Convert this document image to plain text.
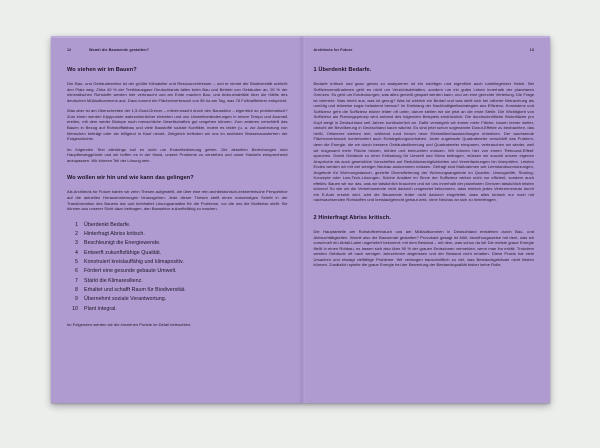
12	Womit die Bauwende gestalten?
Wo stehen wir im Bauen?

Der Bau- und Gebäudesektor ist der größte Klimakiller und Ressourcenfresser – und er nimmt der Biodiversität schlicht den Platz weg. Zirka 40 % der Treibhausgase Deutschlands fallen beim Bau und Betrieb von Gebäuden an, 90 % der mineralischen Rohstoffe werden hier verbraucht und am Ende machen Bau- und Abbruchabfälle über die Hälfte des deutschen Müllaufkommens aus. Dazu kommt ein Flächenverbrauch von 55 ha am Tag, was 78 Fußballfeldern entspricht.

Was aber ist am Überschreiten der 1,5-Grad-Grenze – mitverursacht durch den Bausektor – eigentlich so problematisch? Zum einen werden Kipppunkte wahrscheinlicher eintreten und uns Umweltveränderungen in einem Tempo und Ausmaß ereilen, mit dem weder Biotope noch menschliche Gesellschaften gut umgehen können. Zum anderen verschärft das Bauen in Bezug auf Rohstofffabbau und viele Baustoffe soziale Konflikte, indem es leider (u. a. zur Ausbeutung von Menschen beiträgt oder sie billigend in Kauf nimmt. Zeitgleich befinden wir uns im sechsten Massenaussterben der Erdgeschichte.

Im folgenden Text allerdings soll es nicht um Endzeitstimmung gehen. Die aktuellen Bedrohungen sind Hauptbeweggründe und wir hoffen es in der Hand, unsere Probleme zu verstehen und unser Handeln entsprechend anzupassen. Wir können Teil der Lösung sein.

Wo wollen wir hin und wie kann das gelingen?

Als Architects for Future haben wir zehn Thesen aufgestellt, die über eine rein architektonisch-entwerferische Perspektive auf die aktuellen Herausforderungen hinausgehen. Jede dieser Thesen stellt einen notwendigen Schritt in der Transformation des Bauens dar und beinhaltet Lösungsansätze für die Probleme, vor die uns die Multikrise stellt. Sie können aus unserer Sicht dazu beitragen, den Bausektor zukunftsfähig zu machen.

Überdenkt Bedarfe.
Hinterfragt Abriss kritisch.
Beschleunigt die Energiewende.
Entwerft zukunftsfähige Qualität.
Konstruiert kreislauffähig und klimapositiv.
Fördert eine gesunde gebaute Umwelt.
Stärkt die Klimaresilienz.
Erhaltet und schafft Raum für Biodiversität.
Übernehmt soziale Verantwortung.
Plant integral.

Im Folgenden werden wir die einzelnen Punkte im Detail beleuchten.

13
Architects for Future
1 Überdenkt Bedarfe.

Bedarfe kritisch und ganz genau zu analysieren ist ein wichtiger und eigentlich auch naheliegender Hebel. Bei Suffizienzmaßnahmen geht es nicht um Verzichtsdebatten, sondern um ein gutes Leben innerhalb der planetaren Grenzen. Es geht um Entdeckungen, was alles genießt gespart werden kann, und um eine gerechte Verteilung. Die Frage ist vielmehr: Was reicht aus, was ist genug? Was ist wirklich ein Bedarf und was stellt sich bei näherer Betrachtung als unnötig und teilweise sogar belastend heraus? Im Dreiklang der Nachhaltigkeitsstrategien aus Effizienz, Konsistenz und Suffizienz geht die Suffizienz bisher leider oft unter, darum stellen wir sie jetzt an die erste Stelle. Die Wichtigkeit von Suffizienz als Planungsprinzip wird anhand des folgenden Beispiels eindrücklich: Die durchschnittliche Wohnfläche pro Kopf steigt in Deutschland seit Jahren kontinuierlich an. Dafür versiegeln wir immer mehr Fläche, bauen immer weiter, obwohl die Bevölkerung in Deutschland kaum wächst. Es sind jetzt schon sogenannte Donut-Effekte zu beobachten, das heißt, Ortskerne sterben leer, während rund herum neue Einfamilienhaussiedlungen entstehen. Der wachsende Flächenverbrauch konterkariert auch Entsiegelungsvorhaben. Jeder zugebaute Quadratmeter verschärft das Problem, denn die Energie, die wir durch bessere Gebäudedämmung und Quadratmeter einsparen, verbrauchen wir wieder, weil wir insgesamt mehr Fläche heizen, kühlen und beleuchten müssen. Wir können hier von einem 'Rebound-Effekt' sprechen. Damit Gebäude zu einer Entlastung für Umwelt und Klima beitragen, müssen wir sowohl unsere eigenen Ansprüche als auch gesetzliche Vorschriften auf Reduktionsmöglichkeiten und Vereinfachungen hin überprüfen. Letzten Endes werden wir mit viel weniger Neubau auskommen müssen. Gefragt sind Maßnahmen wie Leerstandsumnutzungen, Angebote für Wohnungstausch, gezielte Diversifizierung der Wohnungsangebote im Quartier, Umzugshilfe, Sharing-Konzepte oder Low-Tech-Lösungen. Solche Ansätze im Sinne der Suffizienz wirken nicht nur effizient, sondern auch effektiv. Bauen wir nur das, was wir tatsächlich brauchen und wir uns innerhalb der planetaren Grenzen tatsächlich leisten können! So wie wir die Verkehrswende nicht dadurch umgesetzt bekommen, dass einfach jedes Verbrennerauto durch ein E-Auto ersetzt wird, wird die Bauwende leider nicht dadurch eingeleitet, dass alles einfach nur noch mit nachwachsenden Rohstoffen und kreislaufgerecht gebaut wird, ohne Neubau an sich zu hinterfragen.

2 Hinterfragt Abriss kritisch.

Die Hauptanteile am Rohstoffverbrauch und am Müllaufkommen in Deutschland entstehen durch Bau- und Abbruchtätigkeiten. Womit also die Bauwende gestalten? Provokant gesagt ist Müll, bezeihungsweise mit dem, was wir vorschnell ein Abfall-Label ungehefert bekommt: mit dem Bestand – mit dem, was schon da ist! Die meiste graue Energie fließt in einen Rohbau, es lassen sich also über 90 % der grauen Emissionen vermeiden, wenn man ihn erhält. Trotzdem werden Gebäude oft nach wenigen Jahrzehnten abgerissen und der Bestand nicht erhalten. Diese Praxis hat viele Ursachen und etwaigt vielfältige Probleme: Wir verlangen bauschnittlich zu viel, was Bestandsgebäude nicht leisten können. Zusätzlich spielte die graue Energie bei der Bewertung der Bestandsqualität bisher keine Rolle,
